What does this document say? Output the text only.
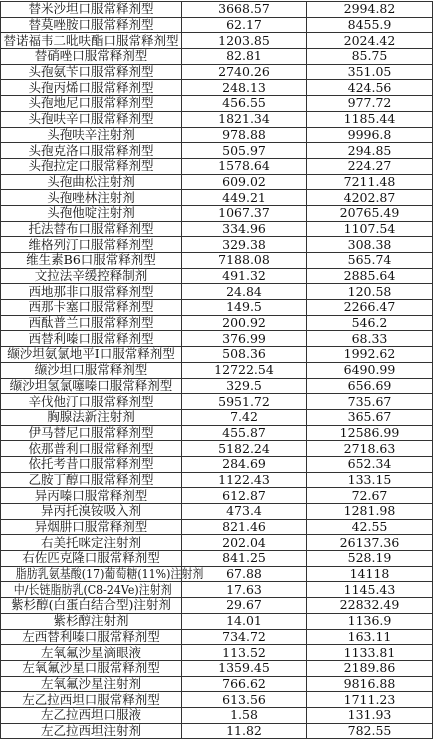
替米沙坦口服常释剂型	3668.57	2994.82
替莫唑胺口服常释剂型	62.17	8455.9
替诺福韦二吡呋酯口服常释剂型	1203.85	2024.42
替硝唑口服常释剂型	82.81	85.75
头孢氨苄口服常释剂型	2740.26	351.05
头孢丙烯口服常释剂型	248.13	424.56
头孢地尼口服常释剂型	456.55	977.72
头孢呋辛口服常释剂型	1821.34	1185.44
头孢呋辛注射剂	978.88	9996.8
头孢克洛口服常释剂型	505.97	294.85
头孢拉定口服常释剂型	1578.64	224.27
头孢曲松注射剂	609.02	7211.48
头孢唑林注射剂	449.21	4202.87
头孢他啶注射剂	1067.37	20765.49
托法替布口服常释剂型	334.96	1107.54
维格列汀口服常释剂型	329.38	308.38
维生素B6口服常释剂型	7188.08	565.74
文拉法辛缓控释制剂	491.32	2885.64
西地那非口服常释剂型	24.84	120.58
西那卡塞口服常释剂型	149.5	2266.47
西酞普兰口服常释剂型	200.92	546.2
西替利嗪口服常释剂型	376.99	68.33
缬沙坦氨氯地平Ⅰ口服常释剂型	508.36	1992.62
缬沙坦口服常释剂型	12722.54	6490.99
缬沙坦氢氯噻嗪口服常释剂型	329.5	656.69
辛伐他汀口服常释剂型	5951.72	735.67
胸腺法新注射剂	7.42	365.67
伊马替尼口服常释剂型	455.87	12586.99
依那普利口服常释剂型	5182.24	2718.63
依托考昔口服常释剂型	284.69	652.34
乙胺丁醇口服常释剂型	1122.43	133.15
异丙嗪口服常释剂型	612.87	72.67
异丙托溴铵吸入剂	473.4	1281.98
异烟肼口服常释剂型	821.46	42.55
右美托咪定注射剂	202.04	26137.36
右佐匹克隆口服常释剂型	841.25	528.19
脂肪乳氨基酸(17)葡萄糖(11%)注射剂	67.88	14118
中/长链脂肪乳(C8-24Ve)注射剂	17.63	1145.43
紫杉醇(白蛋白结合型)注射剂	29.67	22832.49
紫杉醇注射剂	14.01	1136.9
左西替利嗪口服常释剂型	734.72	163.11
左氧氟沙星滴眼液	113.52	1133.81
左氧氟沙星口服常释剂型	1359.45	2189.86
左氧氟沙星注射剂	766.62	9816.88
左乙拉西坦口服常释剂型	613.56	1711.23
左乙拉西坦口服液	1.58	131.93
左乙拉西坦注射剂	11.82	782.55
